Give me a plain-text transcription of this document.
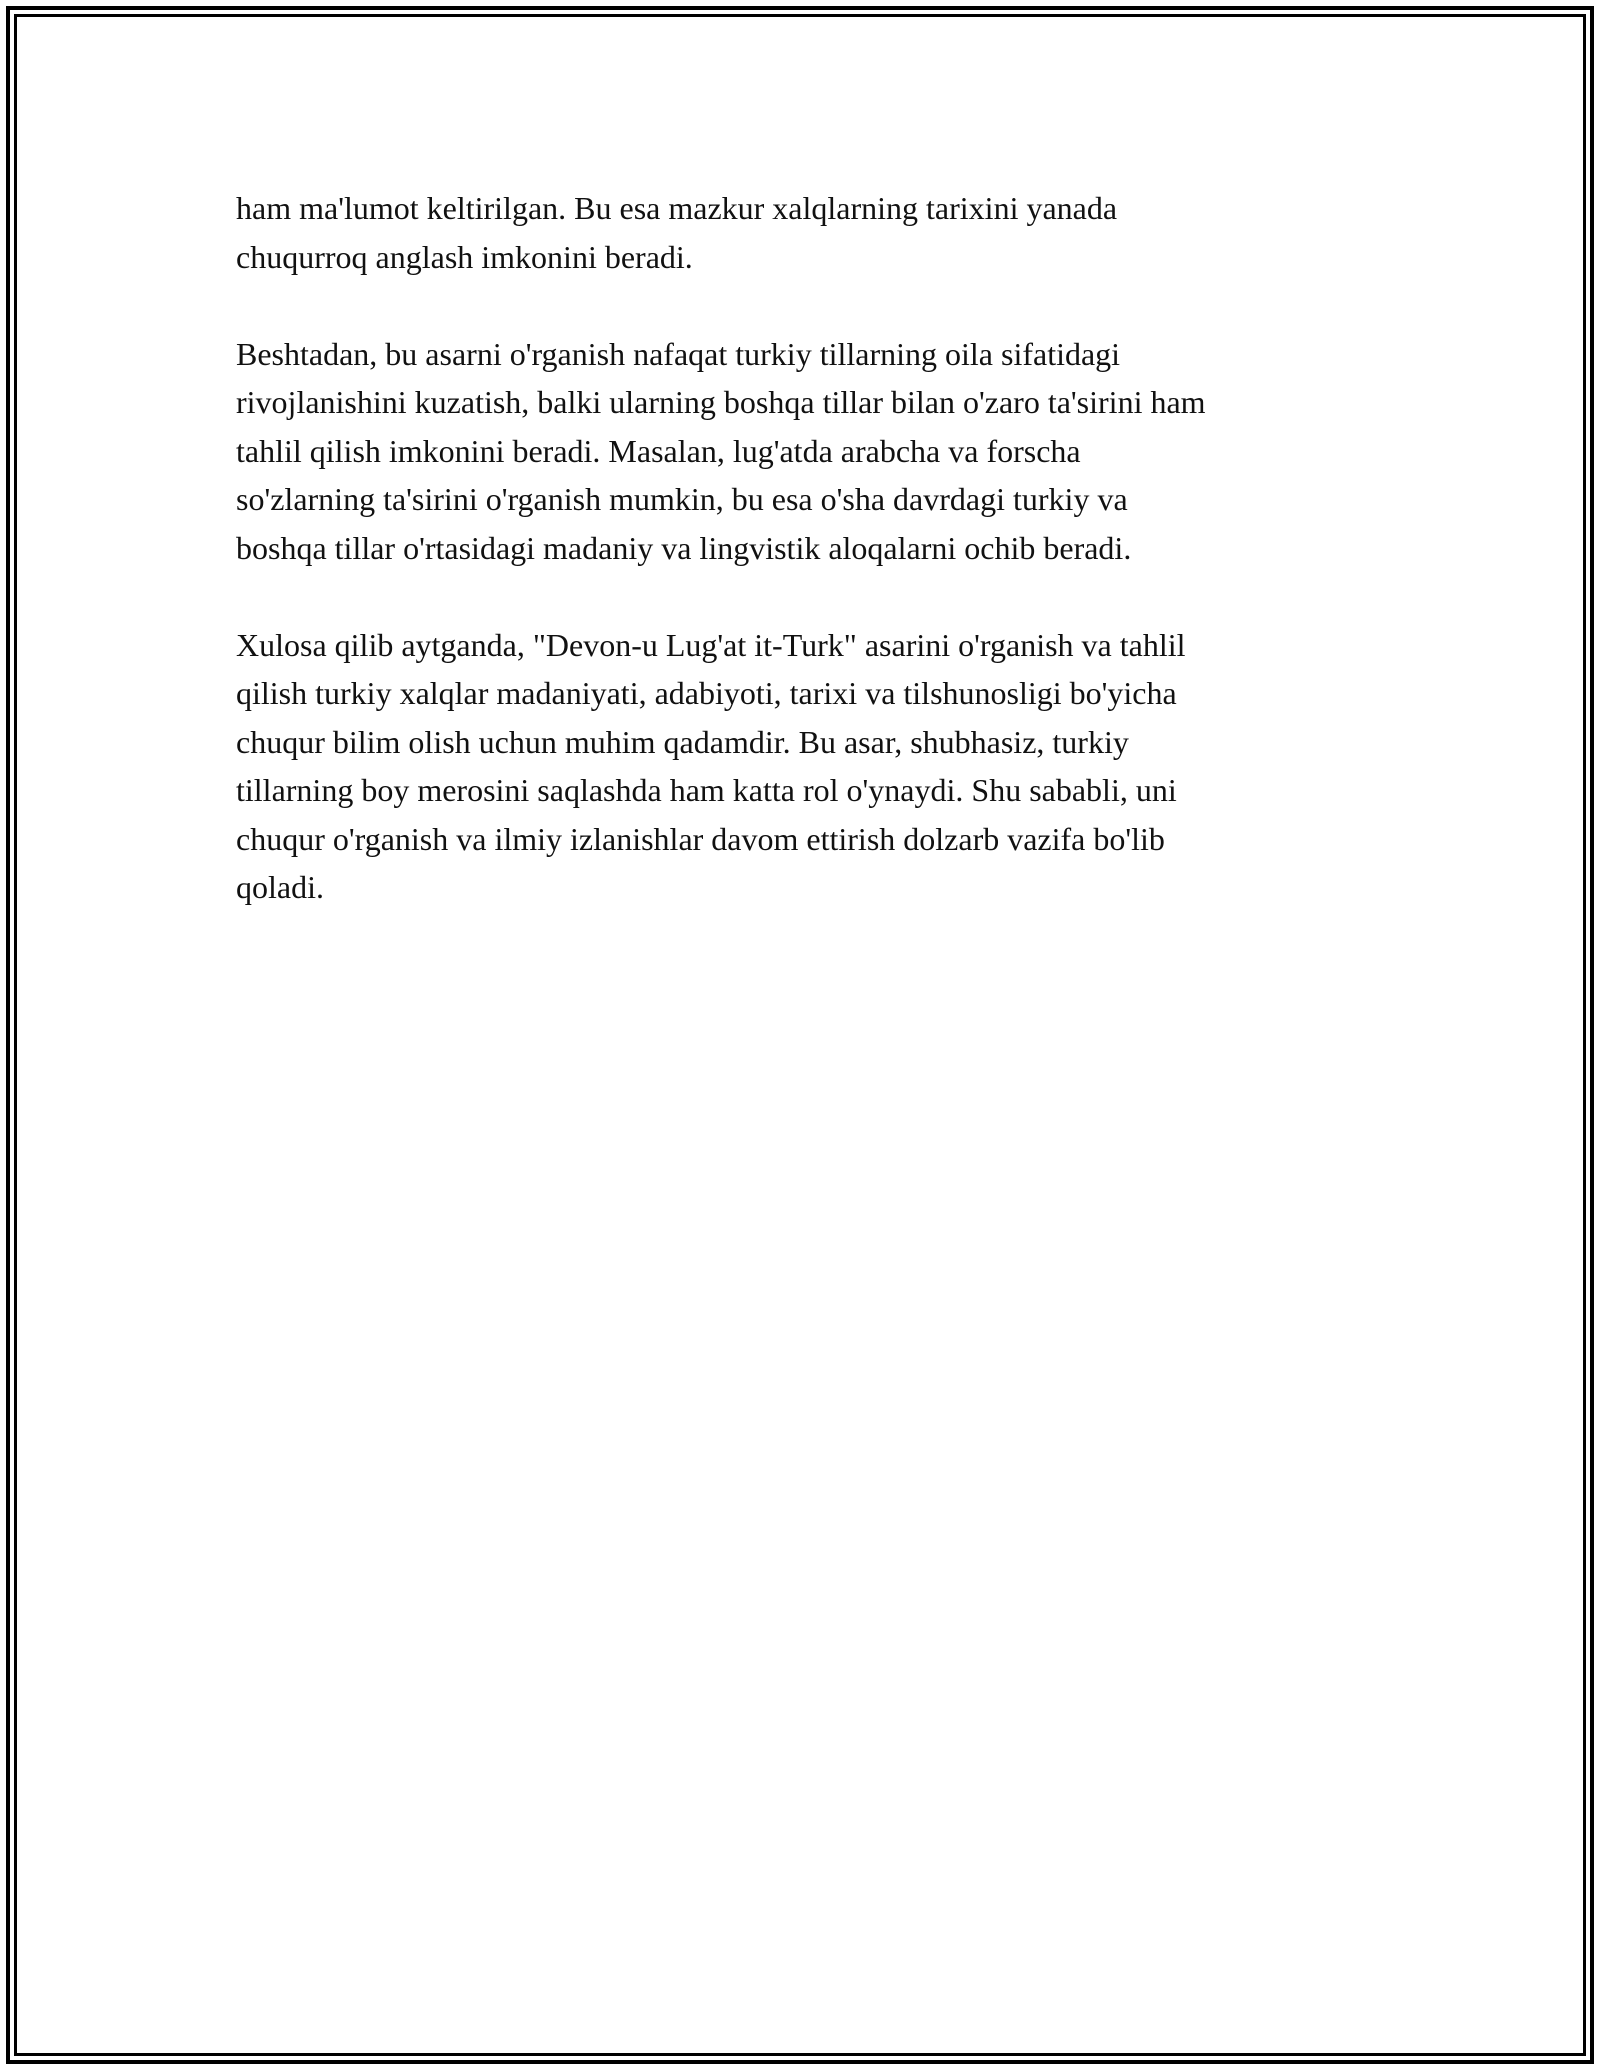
ham ma'lumot keltirilgan. Bu esa mazkur xalqlarning tarixini yanada
chuqurroq anglash imkonini beradi.

Beshtadan, bu asarni o'rganish nafaqat turkiy tillarning oila sifatidagi
rivojlanishini kuzatish, balki ularning boshqa tillar bilan o'zaro ta'sirini ham
tahlil qilish imkonini beradi. Masalan, lug'atda arabcha va forscha
so'zlarning ta'sirini o'rganish mumkin, bu esa o'sha davrdagi turkiy va
boshqa tillar o'rtasidagi madaniy va lingvistik aloqalarni ochib beradi.

Xulosa qilib aytganda, "Devon-u Lug'at it-Turk" asarini o'rganish va tahlil
qilish turkiy xalqlar madaniyati, adabiyoti, tarixi va tilshunosligi bo'yicha
chuqur bilim olish uchun muhim qadamdir. Bu asar, shubhasiz, turkiy
tillarning boy merosini saqlashda ham katta rol o'ynaydi. Shu sababli, uni
chuqur o'rganish va ilmiy izlanishlar davom ettirish dolzarb vazifa bo'lib
qoladi.
